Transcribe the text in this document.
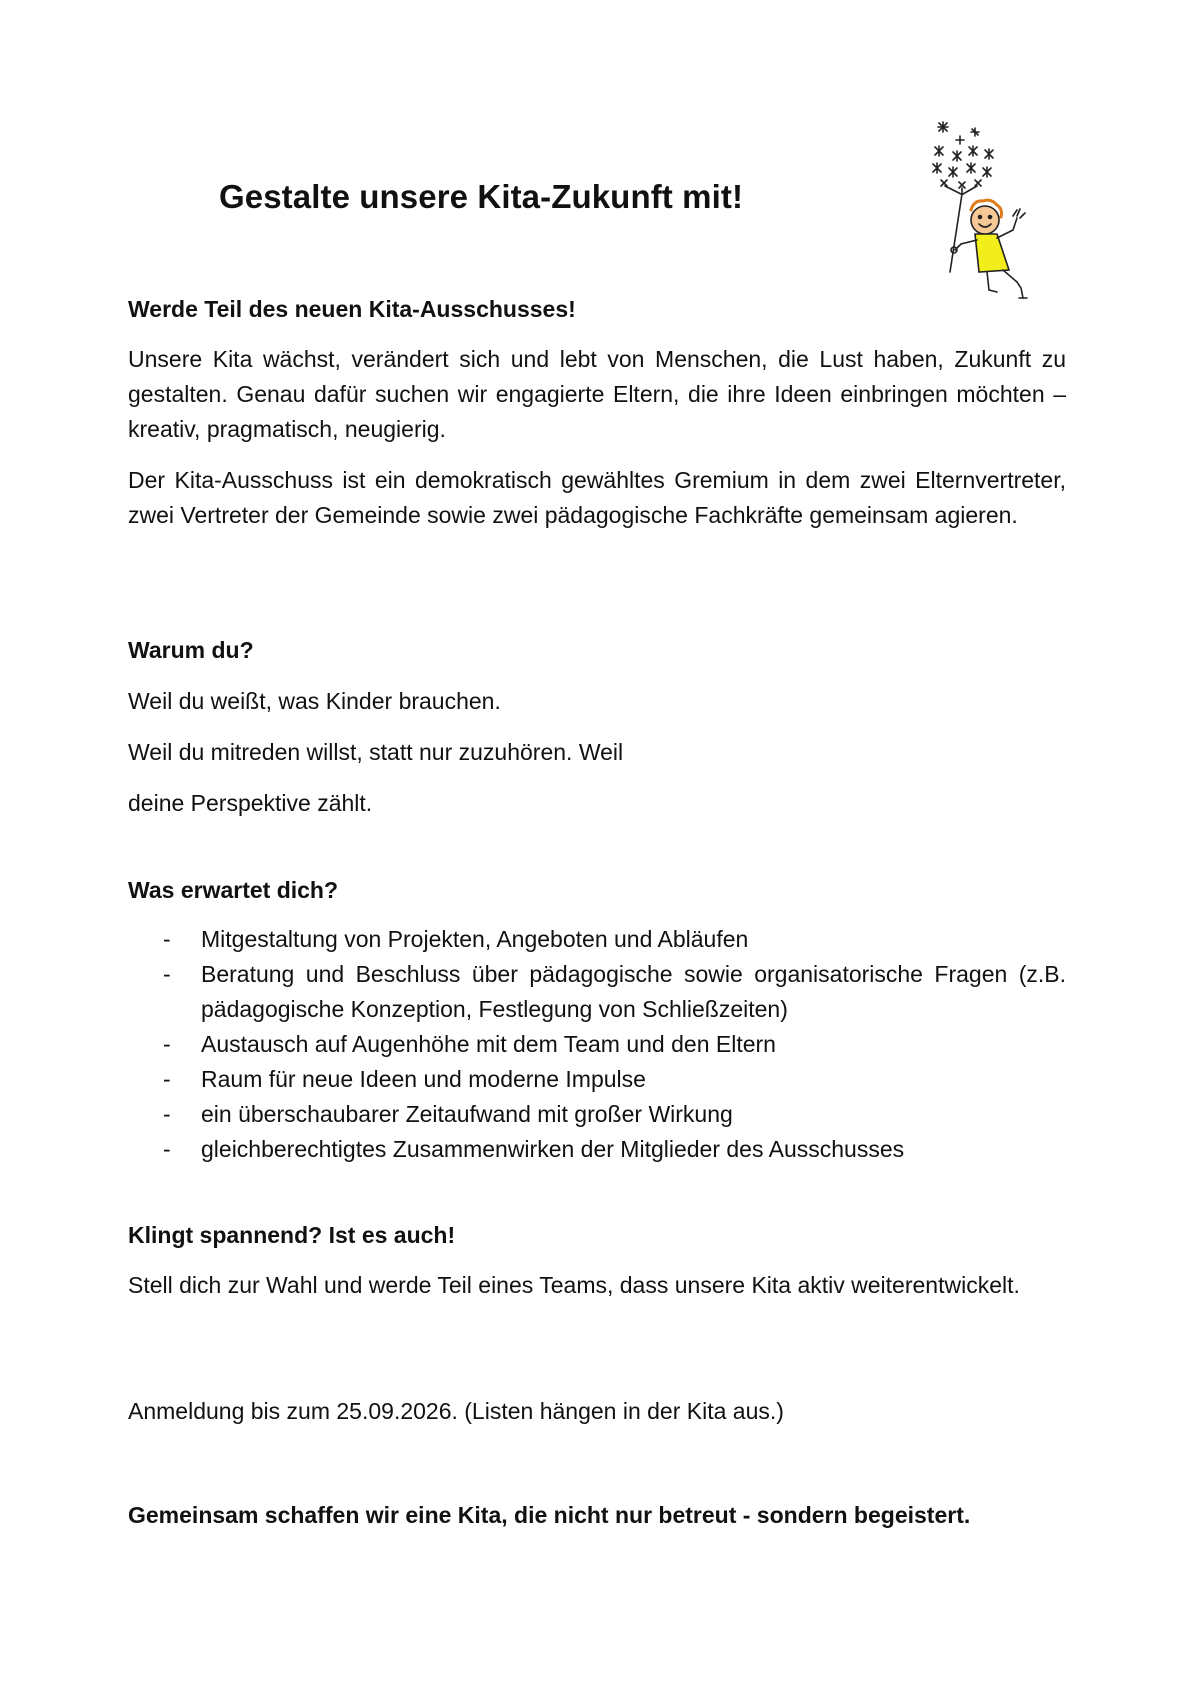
Gestalte unsere Kita-Zukunft mit!

Werde Teil des neuen Kita-Ausschusses!

Unsere Kita wächst, verändert sich und lebt von Menschen, die Lust haben, Zukunft zu gestalten. Genau dafür suchen wir engagierte Eltern, die ihre Ideen einbringen möchten – kreativ, pragmatisch, neugierig.

Der Kita-Ausschuss ist ein demokratisch gewähltes Gremium in dem zwei Elternvertreter, zwei Vertreter der Gemeinde sowie zwei pädagogische Fachkräfte gemeinsam agieren.

Warum du?

Weil du weißt, was Kinder brauchen.

Weil du mitreden willst, statt nur zuzuhören. Weil

deine Perspektive zählt.

Was erwartet dich?

- Mitgestaltung von Projekten, Angeboten und Abläufen
- Beratung und Beschluss über pädagogische sowie organisatorische Fragen (z.B. pädagogische Konzeption, Festlegung von Schließzeiten)
- Austausch auf Augenhöhe mit dem Team und den Eltern
- Raum für neue Ideen und moderne Impulse
- ein überschaubarer Zeitaufwand mit großer Wirkung
- gleichberechtigtes Zusammenwirken der Mitglieder des Ausschusses

Klingt spannend? Ist es auch!

Stell dich zur Wahl und werde Teil eines Teams, dass unsere Kita aktiv weiterentwickelt.

Anmeldung bis zum 25.09.2026. (Listen hängen in der Kita aus.)

Gemeinsam schaffen wir eine Kita, die nicht nur betreut - sondern begeistert.
